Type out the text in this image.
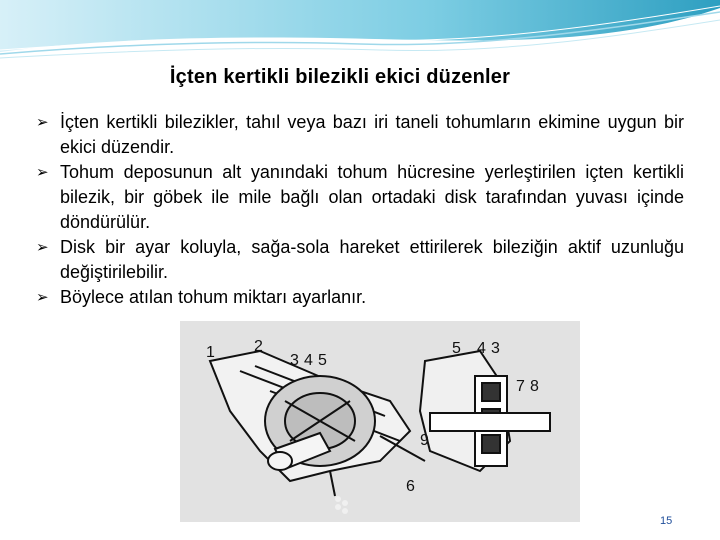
İçten kertikli bilezikli ekici düzenler
➢ İçten kertikli bilezikler, tahıl veya bazı iri taneli tohumların ekimine uygun bir ekici düzendir.
➢ Tohum deposunun alt yanındaki tohum hücresine yerleştirilen içten kertikli bilezik, bir göbek ile mile bağlı olan ortadaki disk tarafından yuvası içinde döndürülür.
➢ Disk bir ayar koluyla, sağa-sola hareket ettirilerek bileziğin aktif uzunluğu değiştirilebilir.
➢ Böylece atılan tohum miktarı ayarlanır.
1 2
3 4 5
5 4 3
7 8
9
6
15
